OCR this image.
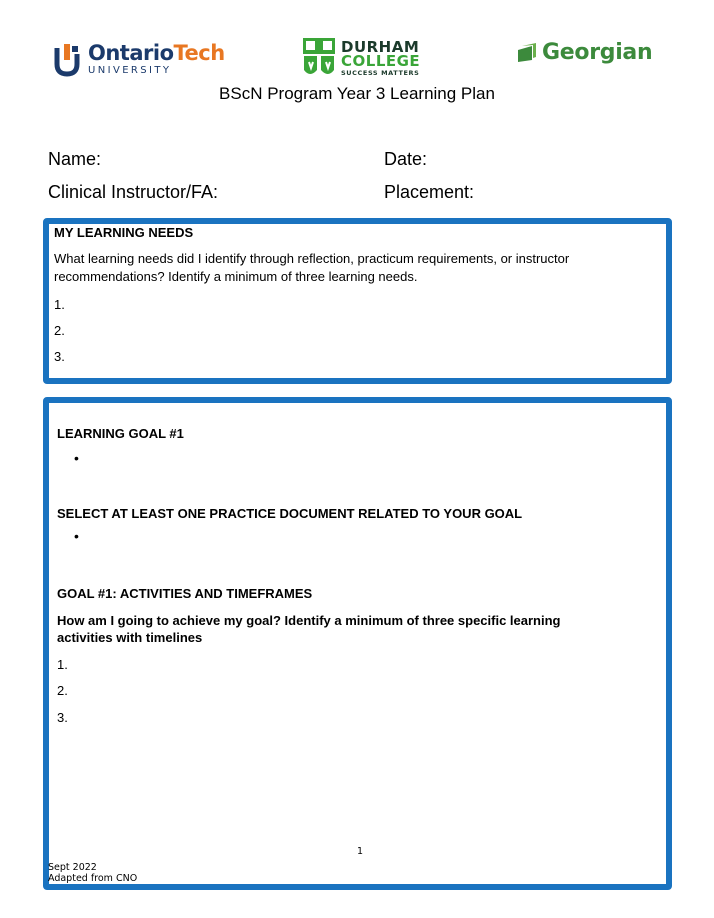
OntarioTech
UNIVERSITY
DURHAM
COLLEGE
SUCCESS MATTERS
Georgian
BScN Program Year 3 Learning Plan
Name:	Date:
Clinical Instructor/FA:	Placement:
MY LEARNING NEEDS
What learning needs did I identify through reflection, practicum requirements, or instructor
recommendations? Identify a minimum of three learning needs.
1.
2.
3.
LEARNING GOAL #1
•
SELECT AT LEAST ONE PRACTICE DOCUMENT RELATED TO YOUR GOAL
•
GOAL #1: ACTIVITIES AND TIMEFRAMES
How am I going to achieve my goal? Identify a minimum of three specific learning
activities with timelines
1.
2.
3.
1
Sept 2022
Adapted from CNO
